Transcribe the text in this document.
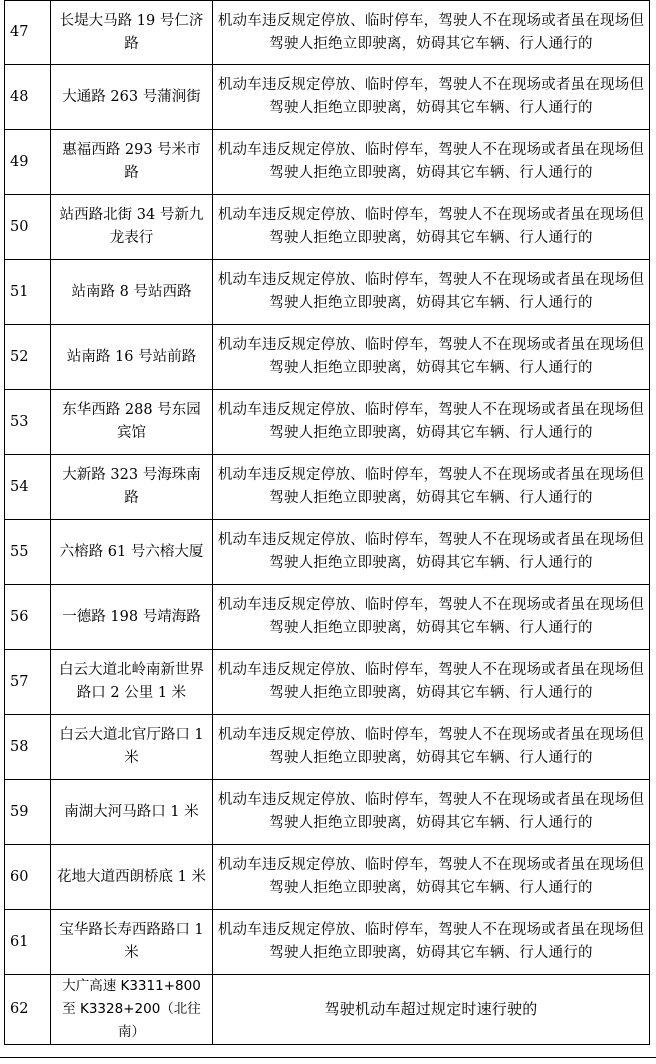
47	长堤大马路 19 号仁济路	机动车违反规定停放、临时停车，驾驶人不在现场或者虽在现场但驾驶人拒绝立即驶离，妨碍其它车辆、行人通行的
48	大通路 263 号蒲涧街	机动车违反规定停放、临时停车，驾驶人不在现场或者虽在现场但驾驶人拒绝立即驶离，妨碍其它车辆、行人通行的
49	惠福西路 293 号米市路	机动车违反规定停放、临时停车，驾驶人不在现场或者虽在现场但驾驶人拒绝立即驶离，妨碍其它车辆、行人通行的
50	站西路北街 34 号新九龙表行	机动车违反规定停放、临时停车，驾驶人不在现场或者虽在现场但驾驶人拒绝立即驶离，妨碍其它车辆、行人通行的
51	站南路 8 号站西路	机动车违反规定停放、临时停车，驾驶人不在现场或者虽在现场但驾驶人拒绝立即驶离，妨碍其它车辆、行人通行的
52	站南路 16 号站前路	机动车违反规定停放、临时停车，驾驶人不在现场或者虽在现场但驾驶人拒绝立即驶离，妨碍其它车辆、行人通行的
53	东华西路 288 号东园宾馆	机动车违反规定停放、临时停车，驾驶人不在现场或者虽在现场但驾驶人拒绝立即驶离，妨碍其它车辆、行人通行的
54	大新路 323 号海珠南路	机动车违反规定停放、临时停车，驾驶人不在现场或者虽在现场但驾驶人拒绝立即驶离，妨碍其它车辆、行人通行的
55	六榕路 61 号六榕大厦	机动车违反规定停放、临时停车，驾驶人不在现场或者虽在现场但驾驶人拒绝立即驶离，妨碍其它车辆、行人通行的
56	一德路 198 号靖海路	机动车违反规定停放、临时停车，驾驶人不在现场或者虽在现场但驾驶人拒绝立即驶离，妨碍其它车辆、行人通行的
57	白云大道北岭南新世界路口 2 公里 1 米	机动车违反规定停放、临时停车，驾驶人不在现场或者虽在现场但驾驶人拒绝立即驶离，妨碍其它车辆、行人通行的
58	白云大道北官厅路口 1 米	机动车违反规定停放、临时停车，驾驶人不在现场或者虽在现场但驾驶人拒绝立即驶离，妨碍其它车辆、行人通行的
59	南湖大河马路口 1 米	机动车违反规定停放、临时停车，驾驶人不在现场或者虽在现场但驾驶人拒绝立即驶离，妨碍其它车辆、行人通行的
60	花地大道西朗桥底 1 米	机动车违反规定停放、临时停车，驾驶人不在现场或者虽在现场但驾驶人拒绝立即驶离，妨碍其它车辆、行人通行的
61	宝华路长寿西路路口 1 米	机动车违反规定停放、临时停车，驾驶人不在现场或者虽在现场但驾驶人拒绝立即驶离，妨碍其它车辆、行人通行的
62	大广高速 K3311+800 至 K3328+200（北往南）	驾驶机动车超过规定时速行驶的
